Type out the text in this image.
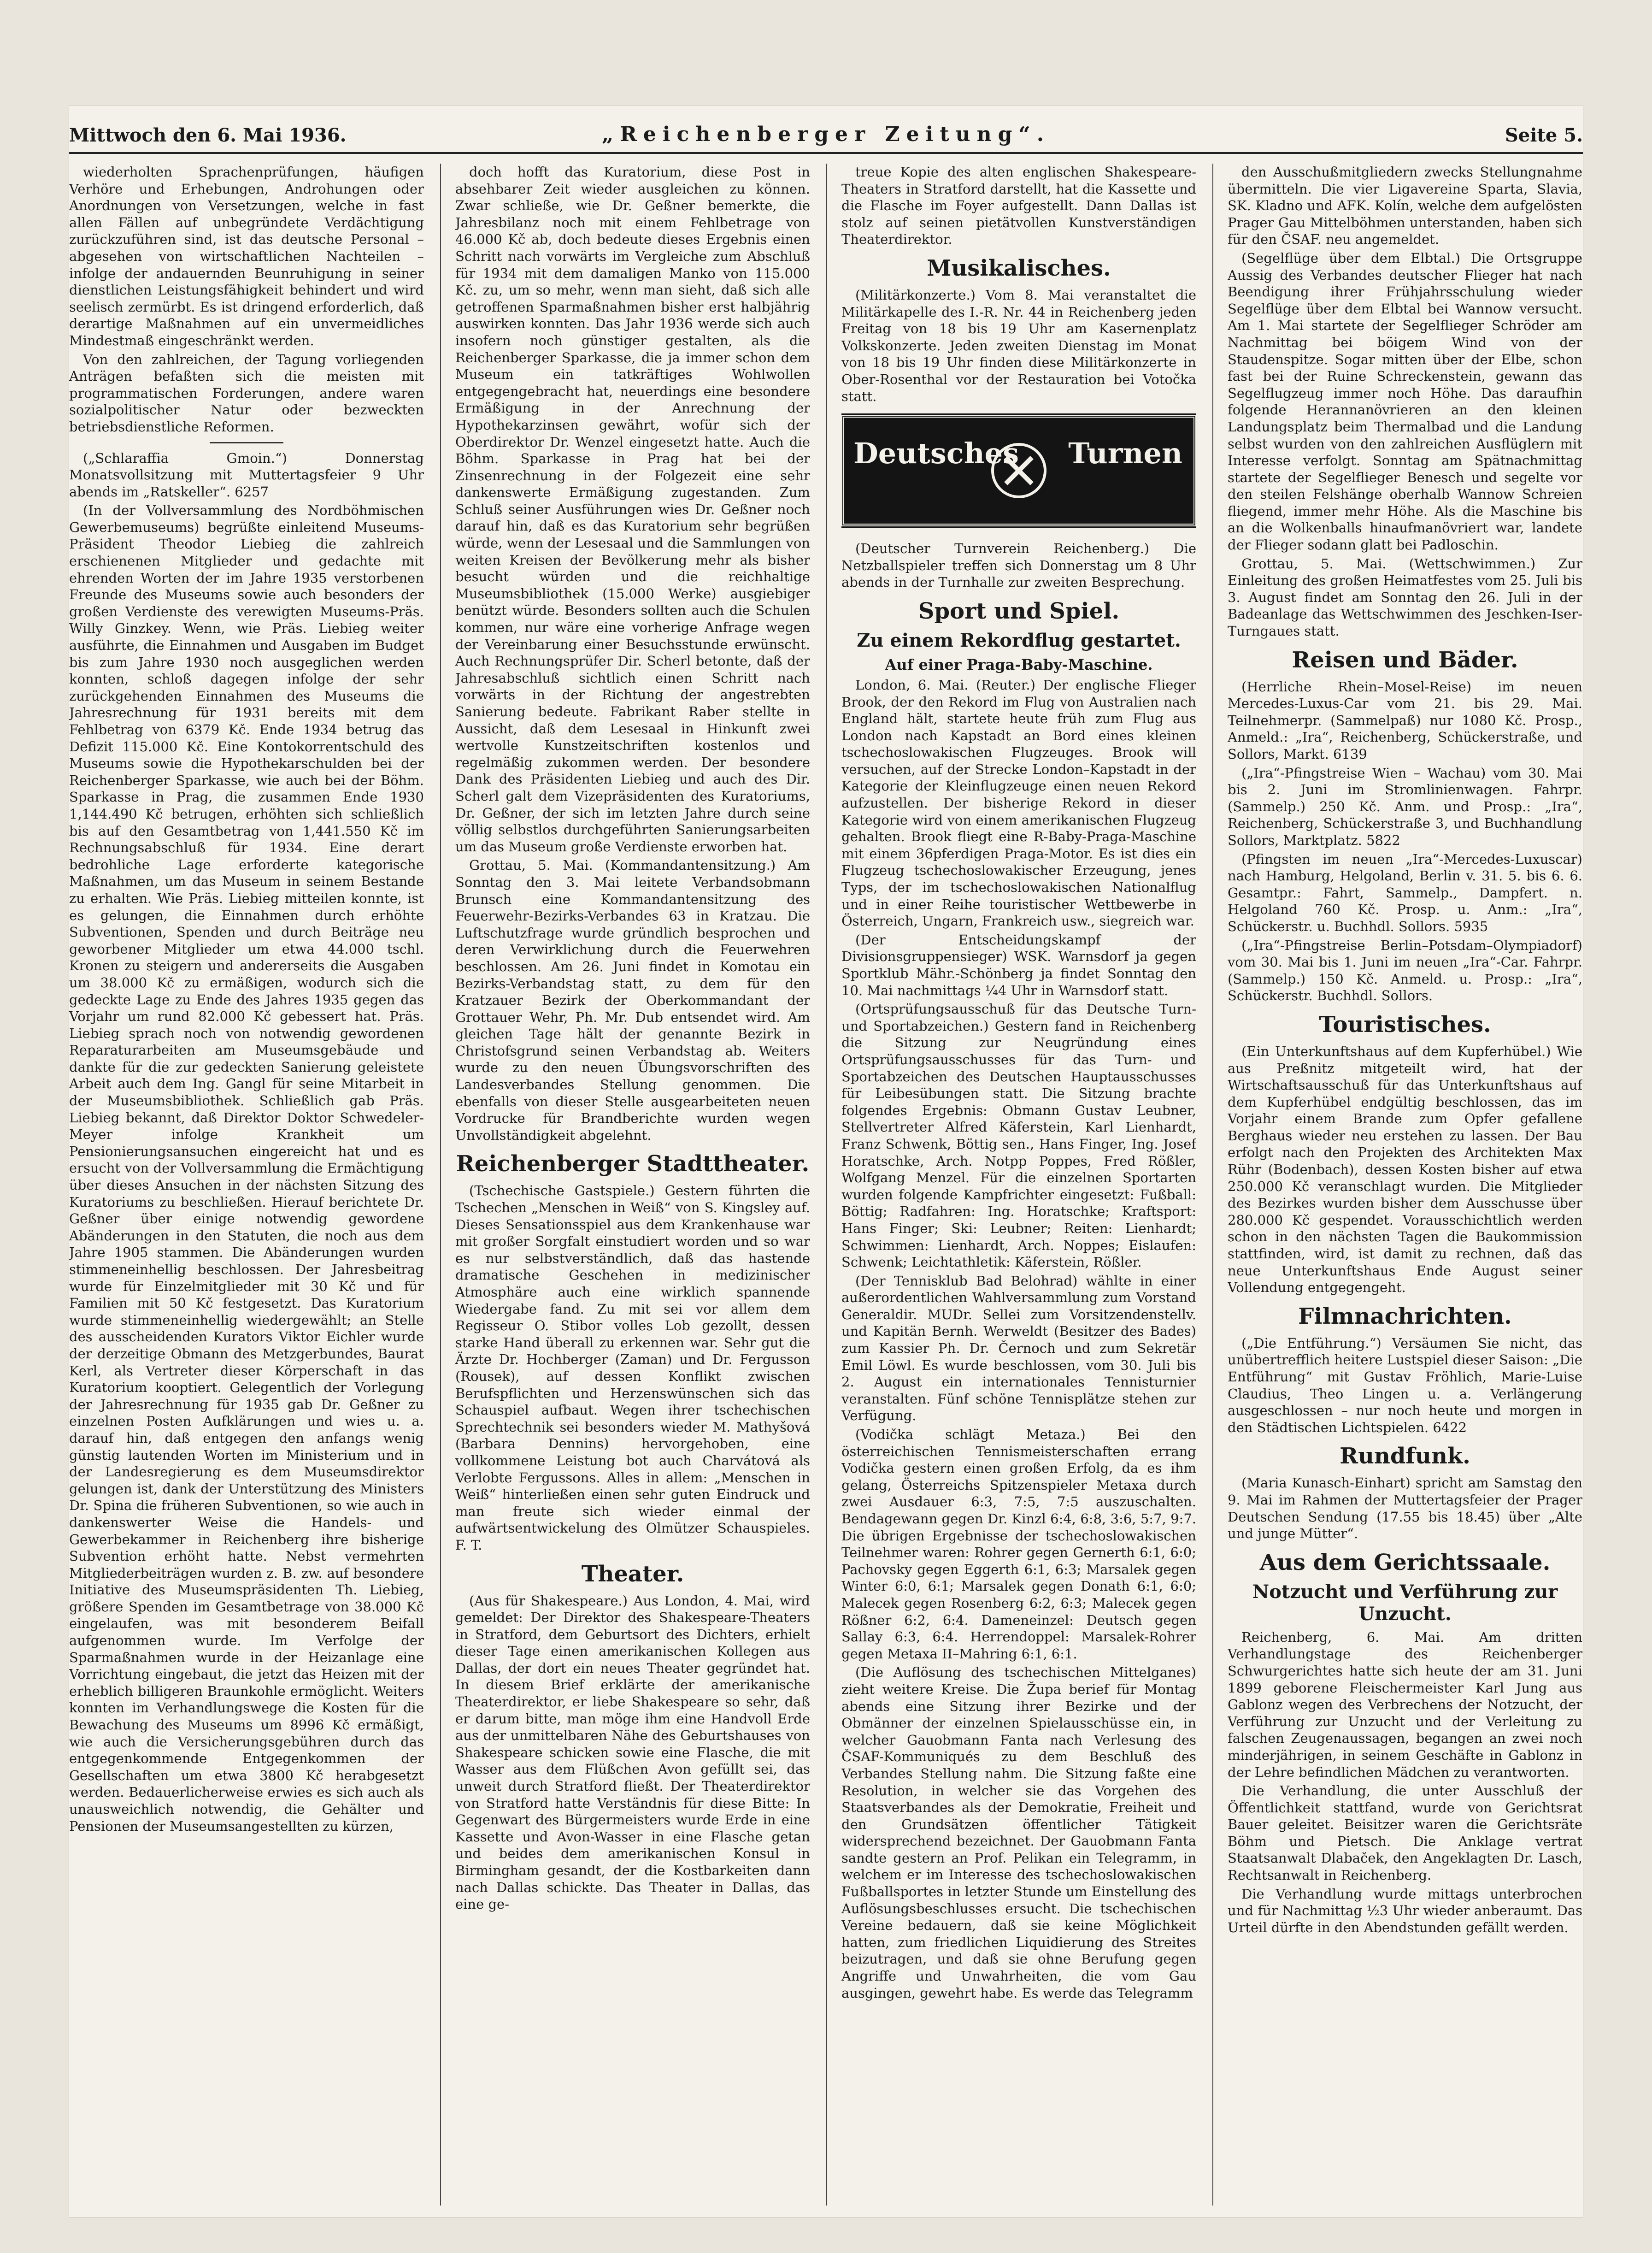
Mittwoch den 6. Mai 1936.	„Reichenberger Zeitung“.	Seite 5.

wiederholten Sprachenprüfungen, häufigen Verhöre und Erhebungen, Androhungen oder Anordnungen von Versetzungen, welche in fast allen Fällen auf unbegründete Verdächtigung zurückzuführen sind, ist das deutsche Personal – abgesehen von wirtschaftlichen Nachteilen – infolge der andauernden Beunruhigung in seiner dienstlichen Leistungsfähigkeit behindert und wird seelisch zermürbt. Es ist dringend erforderlich, daß derartige Maßnahmen auf ein unvermeidliches Mindestmaß eingeschränkt werden.

Von den zahlreichen, der Tagung vorliegenden Anträgen befaßten sich die meisten mit programmatischen Forderungen, andere waren sozialpolitischer Natur oder bezweckten betriebsdienstliche Reformen.

(„Schlaraffia Gmoin.“) Donnerstag Monatsvollsitzung mit Muttertagsfeier 9 Uhr abends im „Ratskeller“. 6257

(In der Vollversammlung des Nordböhmischen Gewerbemuseums) begrüßte einleitend Museums-Präsident Theodor Liebieg die zahlreich erschienenen Mitglieder und gedachte mit ehrenden Worten der im Jahre 1935 verstorbenen Freunde des Museums sowie auch besonders der großen Verdienste des verewigten Museums-Präs. Willy Ginzkey. Wenn, wie Präs. Liebieg weiter ausführte, die Einnahmen und Ausgaben im Budget bis zum Jahre 1930 noch ausgeglichen werden konnten, schloß dagegen infolge der sehr zurückgehenden Einnahmen des Museums die Jahresrechnung für 1931 bereits mit dem Fehlbetrag von 6379 Kč. Ende 1934 betrug das Defizit 115.000 Kč. Eine Kontokorrentschuld des Museums sowie die Hypothekarschulden bei der Reichenberger Sparkasse, wie auch bei der Böhm. Sparkasse in Prag, die zusammen Ende 1930 1,144.490 Kč betrugen, erhöhten sich schließlich bis auf den Gesamtbetrag von 1,441.550 Kč im Rechnungsabschluß für 1934. Eine derart bedrohliche Lage erforderte kategorische Maßnahmen, um das Museum in seinem Bestande zu erhalten. Wie Präs. Liebieg mitteilen konnte, ist es gelungen, die Einnahmen durch erhöhte Subventionen, Spenden und durch Beiträge neu geworbener Mitglieder um etwa 44.000 tschl. Kronen zu steigern und andererseits die Ausgaben um 38.000 Kč zu ermäßigen, wodurch sich die gedeckte Lage zu Ende des Jahres 1935 gegen das Vorjahr um rund 82.000 Kč gebessert hat. Präs. Liebieg sprach noch von notwendig gewordenen Reparaturarbeiten am Museumsgebäude und dankte für die zur gedeckten Sanierung geleistete Arbeit auch dem Ing. Gangl für seine Mitarbeit in der Museumsbibliothek. Schließlich gab Präs. Liebieg bekannt, daß Direktor Doktor Schwedeler-Meyer infolge Krankheit um Pensionierungsansuchen eingereicht hat und es ersucht von der Vollversammlung die Ermächtigung über dieses Ansuchen in der nächsten Sitzung des Kuratoriums zu beschließen. Hierauf berichtete Dr. Geßner über einige notwendig gewordene Abänderungen in den Statuten, die noch aus dem Jahre 1905 stammen. Die Abänderungen wurden stimmeneinhellig beschlossen. Der Jahresbeitrag wurde für Einzelmitglieder mit 30 Kč und für Familien mit 50 Kč festgesetzt. Das Kuratorium wurde stimmeneinhellig wiedergewählt; an Stelle des ausscheidenden Kurators Viktor Eichler wurde der derzeitige Obmann des Metzgerbundes, Baurat Kerl, als Vertreter dieser Körperschaft in das Kuratorium kooptiert. Gelegentlich der Vorlegung der Jahresrechnung für 1935 gab Dr. Geßner zu einzelnen Posten Aufklärungen und wies u. a. darauf hin, daß entgegen den anfangs wenig günstig lautenden Worten im Ministerium und in der Landesregierung es dem Museumsdirektor gelungen ist, dank der Unterstützung des Ministers Dr. Spina die früheren Subventionen, so wie auch in dankenswerter Weise die Handels- und Gewerbekammer in Reichenberg ihre bisherige Subvention erhöht hatte. Nebst vermehrten Mitgliederbeiträgen wurden z. B. zw. auf besondere Initiative des Museumspräsidenten Th. Liebieg, größere Spenden im Gesamtbetrage von 38.000 Kč eingelaufen, was mit besonderem Beifall aufgenommen wurde. Im Verfolge der Sparmaßnahmen wurde in der Heizanlage eine Vorrichtung eingebaut, die jetzt das Heizen mit der erheblich billigeren Braunkohle ermöglicht. Weiters konnten im Verhandlungswege die Kosten für die Bewachung des Museums um 8996 Kč ermäßigt, wie auch die Versicherungsgebühren durch das entgegenkommende Entgegenkommen der Gesellschaften um etwa 3800 Kč herabgesetzt werden. Bedauerlicherweise erwies es sich auch als unausweichlich notwendig, die Gehälter und Pensionen der Museumsangestellten zu kürzen,

doch hofft das Kuratorium, diese Post in absehbarer Zeit wieder ausgleichen zu können. Zwar schließe, wie Dr. Geßner bemerkte, die Jahresbilanz noch mit einem Fehlbetrage von 46.000 Kč ab, doch bedeute dieses Ergebnis einen Schritt nach vorwärts im Vergleiche zum Abschluß für 1934 mit dem damaligen Manko von 115.000 Kč. zu, um so mehr, wenn man sieht, daß sich alle getroffenen Sparmaßnahmen bisher erst halbjährig auswirken konnten. Das Jahr 1936 werde sich auch insofern noch günstiger gestalten, als die Reichenberger Sparkasse, die ja immer schon dem Museum ein tatkräftiges Wohlwollen entgegengebracht hat, neuerdings eine besondere Ermäßigung in der Anrechnung der Hypothekarzinsen gewährt, wofür sich der Oberdirektor Dr. Wenzel eingesetzt hatte. Auch die Böhm. Sparkasse in Prag hat bei der Zinsenrechnung in der Folgezeit eine sehr dankenswerte Ermäßigung zugestanden. Zum Schluß seiner Ausführungen wies Dr. Geßner noch darauf hin, daß es das Kuratorium sehr begrüßen würde, wenn der Lesesaal und die Sammlungen von weiten Kreisen der Bevölkerung mehr als bisher besucht würden und die reichhaltige Museumsbibliothek (15.000 Werke) ausgiebiger benützt würde. Besonders sollten auch die Schulen kommen, nur wäre eine vorherige Anfrage wegen der Vereinbarung einer Besuchsstunde erwünscht. Auch Rechnungsprüfer Dir. Scherl betonte, daß der Jahresabschluß sichtlich einen Schritt nach vorwärts in der Richtung der angestrebten Sanierung bedeute. Fabrikant Raber stellte in Aussicht, daß dem Lesesaal in Hinkunft zwei wertvolle Kunstzeitschriften kostenlos und regelmäßig zukommen werden. Der besondere Dank des Präsidenten Liebieg und auch des Dir. Scherl galt dem Vizepräsidenten des Kuratoriums, Dr. Geßner, der sich im letzten Jahre durch seine völlig selbstlos durchgeführten Sanierungsarbeiten um das Museum große Verdienste erworben hat.

Grottau, 5. Mai. (Kommandantensitzung.) Am Sonntag den 3. Mai leitete Verbandsobmann Brunsch eine Kommandantensitzung des Feuerwehr-Bezirks-Verbandes 63 in Kratzau. Die Luftschutzfrage wurde gründlich besprochen und deren Verwirklichung durch die Feuerwehren beschlossen. Am 26. Juni findet in Komotau ein Bezirks-Verbandstag statt, zu dem für den Kratzauer Bezirk der Oberkommandant der Grottauer Wehr, Ph. Mr. Dub entsendet wird. Am gleichen Tage hält der genannte Bezirk in Christofsgrund seinen Verbandstag ab. Weiters wurde zu den neuen Übungsvorschriften des Landesverbandes Stellung genommen. Die ebenfalls von dieser Stelle ausgearbeiteten neuen Vordrucke für Brandberichte wurden wegen Unvollständigkeit abgelehnt.

Reichenberger Stadttheater.

(Tschechische Gastspiele.) Gestern führten die Tschechen „Menschen in Weiß“ von S. Kingsley auf. Dieses Sensationsspiel aus dem Krankenhause war mit großer Sorgfalt einstudiert worden und so war es nur selbstverständlich, daß das hastende dramatische Geschehen in medizinischer Atmosphäre auch eine wirklich spannende Wiedergabe fand. Zu mit sei vor allem dem Regisseur O. Stibor volles Lob gezollt, dessen starke Hand überall zu erkennen war. Sehr gut die Ärzte Dr. Hochberger (Zaman) und Dr. Fergusson (Rousek), auf dessen Konflikt zwischen Berufspflichten und Herzenswünschen sich das Schauspiel aufbaut. Wegen ihrer tschechischen Sprechtechnik sei besonders wieder M. Mathyšová (Barbara Dennins) hervorgehoben, eine vollkommene Leistung bot auch Charvátová als Verlobte Fergussons. Alles in allem: „Menschen in Weiß“ hinterließen einen sehr guten Eindruck und man freute sich wieder einmal der aufwärtsentwickelung des Olmützer Schauspieles. F. T.

Theater.

(Aus für Shakespeare.) Aus London, 4. Mai, wird gemeldet: Der Direktor des Shakespeare-Theaters in Stratford, dem Geburtsort des Dichters, erhielt dieser Tage einen amerikanischen Kollegen aus Dallas, der dort ein neues Theater gegründet hat. In diesem Brief erklärte der amerikanische Theaterdirektor, er liebe Shakespeare so sehr, daß er darum bitte, man möge ihm eine Handvoll Erde aus der unmittelbaren Nähe des Geburtshauses von Shakespeare schicken sowie eine Flasche, die mit Wasser aus dem Flüßchen Avon gefüllt sei, das unweit durch Stratford fließt. Der Theaterdirektor von Stratford hatte Verständnis für diese Bitte: In Gegenwart des Bürgermeisters wurde Erde in eine Kassette und Avon-Wasser in eine Flasche getan und beides dem amerikanischen Konsul in Birmingham gesandt, der die Kostbarkeiten dann nach Dallas schickte. Das Theater in Dallas, das eine ge-

treue Kopie des alten englischen Shakespeare-Theaters in Stratford darstellt, hat die Kassette und die Flasche im Foyer aufgestellt. Dann Dallas ist stolz auf seinen pietätvollen Kunstverständigen Theaterdirektor.

Musikalisches.

(Militärkonzerte.) Vom 8. Mai veranstaltet die Militärkapelle des I.-R. Nr. 44 in Reichenberg jeden Freitag von 18 bis 19 Uhr am Kasernenplatz Volkskonzerte. Jeden zweiten Dienstag im Monat von 18 bis 19 Uhr finden diese Militärkonzerte in Ober-Rosenthal vor der Restauration bei Votočka statt.

Deutsches Turnen

(Deutscher Turnverein Reichenberg.) Die Netzballspieler treffen sich Donnerstag um 8 Uhr abends in der Turnhalle zur zweiten Besprechung.

Sport und Spiel.
Zu einem Rekordflug gestartet.
Auf einer Praga-Baby-Maschine.

London, 6. Mai. (Reuter.) Der englische Flieger Brook, der den Rekord im Flug von Australien nach England hält, startete heute früh zum Flug aus London nach Kapstadt an Bord eines kleinen tschechoslowakischen Flugzeuges. Brook will versuchen, auf der Strecke London–Kapstadt in der Kategorie der Kleinflugzeuge einen neuen Rekord aufzustellen. Der bisherige Rekord in dieser Kategorie wird von einem amerikanischen Flugzeug gehalten. Brook fliegt eine R-Baby-Praga-Maschine mit einem 36pferdigen Praga-Motor. Es ist dies ein Flugzeug tschechoslowakischer Erzeugung, jenes Typs, der im tschechoslowakischen Nationalflug und in einer Reihe touristischer Wettbewerbe in Österreich, Ungarn, Frankreich usw., siegreich war.

(Der Entscheidungskampf der Divisionsgruppensieger) WSK. Warnsdorf ja gegen Sportklub Mähr.-Schönberg ja findet Sonntag den 10. Mai nachmittags ¼4 Uhr in Warnsdorf statt.

(Ortsprüfungsausschuß für das Deutsche Turn- und Sportabzeichen.) Gestern fand in Reichenberg die Sitzung zur Neugründung eines Ortsprüfungsausschusses für das Turn- und Sportabzeichen des Deutschen Hauptausschusses für Leibesübungen statt. Die Sitzung brachte folgendes Ergebnis: Obmann Gustav Leubner, Stellvertreter Alfred Käferstein, Karl Lienhardt, Franz Schwenk, Böttig sen., Hans Finger, Ing. Josef Horatschke, Arch. Notpp Poppes, Fred Rößler, Wolfgang Menzel. Für die einzelnen Sportarten wurden folgende Kampfrichter eingesetzt: Fußball: Böttig; Radfahren: Ing. Horatschke; Kraftsport: Hans Finger; Ski: Leubner; Reiten: Lienhardt; Schwimmen: Lienhardt, Arch. Noppes; Eislaufen: Schwenk; Leichtathletik: Käferstein, Rößler.

(Der Tennisklub Bad Belohrad) wählte in einer außerordentlichen Wahlversammlung zum Vorstand Generaldir. MUDr. Sellei zum Vorsitzendenstellv. und Kapitän Bernh. Werweldt (Besitzer des Bades) zum Kassier Ph. Dr. Černoch und zum Sekretär Emil Löwl. Es wurde beschlossen, vom 30. Juli bis 2. August ein internationales Tennisturnier veranstalten. Fünf schöne Tennisplätze stehen zur Verfügung.

(Vodička schlägt Metaza.) Bei den österreichischen Tennismeisterschaften errang Vodička gestern einen großen Erfolg, da es ihm gelang, Österreichs Spitzenspieler Metaxa durch zwei Ausdauer 6:3, 7:5, 7:5 auszuschalten. Bendagewann gegen Dr. Kinzl 6:4, 6:8, 3:6, 5:7, 9:7. Die übrigen Ergebnisse der tschechoslowakischen Teilnehmer waren: Rohrer gegen Gernerth 6:1, 6:0; Pachovsky gegen Eggerth 6:1, 6:3; Marsalek gegen Winter 6:0, 6:1; Marsalek gegen Donath 6:1, 6:0; Malecek gegen Rosenberg 6:2, 6:3; Malecek gegen Rößner 6:2, 6:4. Dameneinzel: Deutsch gegen Sallay 6:3, 6:4. Herrendoppel: Marsalek-Rohrer gegen Metaxa II–Mahring 6:1, 6:1.

(Die Auflösung des tschechischen Mittelganes) zieht weitere Kreise. Die Župa berief für Montag abends eine Sitzung ihrer Bezirke und der Obmänner der einzelnen Spielausschüsse ein, in welcher Gauobmann Fanta nach Verlesung des ČSAF-Kommuniqués zu dem Beschluß des Verbandes Stellung nahm. Die Sitzung faßte eine Resolution, in welcher sie das Vorgehen des Staatsverbandes als der Demokratie, Freiheit und den Grundsätzen öffentlicher Tätigkeit widersprechend bezeichnet. Der Gauobmann Fanta sandte gestern an Prof. Pelikan ein Telegramm, in welchem er im Interesse des tschechoslowakischen Fußballsportes in letzter Stunde um Einstellung des Auflösungsbeschlusses ersucht. Die tschechischen Vereine bedauern, daß sie keine Möglichkeit hatten, zum friedlichen Liquidierung des Streites beizutragen, und daß sie ohne Berufung gegen Angriffe und Unwahrheiten, die vom Gau ausgingen, gewehrt habe. Es werde das Telegramm

den Ausschußmitgliedern zwecks Stellungnahme übermitteln. Die vier Ligavereine Sparta, Slavia, SK. Kladno und AFK. Kolín, welche dem aufgelösten Prager Gau Mittelböhmen unterstanden, haben sich für den ČSAF. neu angemeldet.

(Segelflüge über dem Elbtal.) Die Ortsgruppe Aussig des Verbandes deutscher Flieger hat nach Beendigung ihrer Frühjahrsschulung wieder Segelflüge über dem Elbtal bei Wannow versucht. Am 1. Mai startete der Segelflieger Schröder am Nachmittag bei böigem Wind von der Staudenspitze. Sogar mitten über der Elbe, schon fast bei der Ruine Schreckenstein, gewann das Segelflugzeug immer noch Höhe. Das daraufhin folgende Herannanövrieren an den kleinen Landungsplatz beim Thermalbad und die Landung selbst wurden von den zahlreichen Ausflüglern mit Interesse verfolgt. Sonntag am Spätnachmittag startete der Segelflieger Benesch und segelte vor den steilen Felshänge oberhalb Wannow Schreien fliegend, immer mehr Höhe. Als die Maschine bis an die Wolkenballs hinaufmanövriert war, landete der Flieger sodann glatt bei Padloschin.

Grottau, 5. Mai. (Wettschwimmen.) Zur Einleitung des großen Heimatfestes vom 25. Juli bis 3. August findet am Sonntag den 26. Juli in der Badeanlage das Wettschwimmen des Jeschken-Iser-Turngaues statt.

Reisen und Bäder.

(Herrliche Rhein–Mosel-Reise) im neuen Mercedes-Luxus-Car vom 21. bis 29. Mai. Teilnehmerpr. (Sammelpaß) nur 1080 Kč. Prosp., Anmeld.: „Ira“, Reichenberg, Schückerstraße, und Sollors, Markt. 6139

(„Ira“-Pfingstreise Wien – Wachau) vom 30. Mai bis 2. Juni im Stromlinienwagen. Fahrpr. (Sammelp.) 250 Kč. Anm. und Prosp.: „Ira“, Reichenberg, Schückerstraße 3, und Buchhandlung Sollors, Marktplatz. 5822

(Pfingsten im neuen „Ira“-Mercedes-Luxuscar) nach Hamburg, Helgoland, Berlin v. 31. 5. bis 6. 6. Gesamtpr.: Fahrt, Sammelp., Dampfert. n. Helgoland 760 Kč. Prosp. u. Anm.: „Ira“, Schückerstr. u. Buchhdl. Sollors. 5935

(„Ira“-Pfingstreise Berlin–Potsdam–Olympiadorf) vom 30. Mai bis 1. Juni im neuen „Ira“-Car. Fahrpr. (Sammelp.) 150 Kč. Anmeld. u. Prosp.: „Ira“, Schückerstr. Buchhdl. Sollors.

Touristisches.

(Ein Unterkunftshaus auf dem Kupferhübel.) Wie aus Preßnitz mitgeteilt wird, hat der Wirtschaftsausschuß für das Unterkunftshaus auf dem Kupferhübel endgültig beschlossen, das im Vorjahr einem Brande zum Opfer gefallene Berghaus wieder neu erstehen zu lassen. Der Bau erfolgt nach den Projekten des Architekten Max Rühr (Bodenbach), dessen Kosten bisher auf etwa 250.000 Kč veranschlagt wurden. Die Mitglieder des Bezirkes wurden bisher dem Ausschusse über 280.000 Kč gespendet. Vorausschichtlich werden schon in den nächsten Tagen die Baukommission stattfinden, wird, ist damit zu rechnen, daß das neue Unterkunftshaus Ende August seiner Vollendung entgegengeht.

Filmnachrichten.

(„Die Entführung.“) Versäumen Sie nicht, das unübertrefflich heitere Lustspiel dieser Saison: „Die Entführung“ mit Gustav Fröhlich, Marie-Luise Claudius, Theo Lingen u. a. Verlängerung ausgeschlossen – nur noch heute und morgen in den Städtischen Lichtspielen. 6422

Rundfunk.

(Maria Kunasch-Einhart) spricht am Samstag den 9. Mai im Rahmen der Muttertagsfeier der Prager Deutschen Sendung (17.55 bis 18.45) über „Alte und junge Mütter“.

Aus dem Gerichtssaale.
Notzucht und Verführung zur Unzucht.

Reichenberg, 6. Mai. Am dritten Verhandlungstage des Reichenberger Schwurgerichtes hatte sich heute der am 31. Juni 1899 geborene Fleischermeister Karl Jung aus Gablonz wegen des Verbrechens der Notzucht, der Verführung zur Unzucht und der Verleitung zu falschen Zeugenaussagen, begangen an zwei noch minderjährigen, in seinem Geschäfte in Gablonz in der Lehre befindlichen Mädchen zu verantworten.

Die Verhandlung, die unter Ausschluß der Öffentlichkeit stattfand, wurde von Gerichtsrat Bauer geleitet. Beisitzer waren die Gerichtsräte Böhm und Pietsch. Die Anklage vertrat Staatsanwalt Dlabaček, den Angeklagten Dr. Lasch, Rechtsanwalt in Reichenberg.

Die Verhandlung wurde mittags unterbrochen und für Nachmittag ½3 Uhr wieder anberaumt. Das Urteil dürfte in den Abendstunden gefällt werden.
